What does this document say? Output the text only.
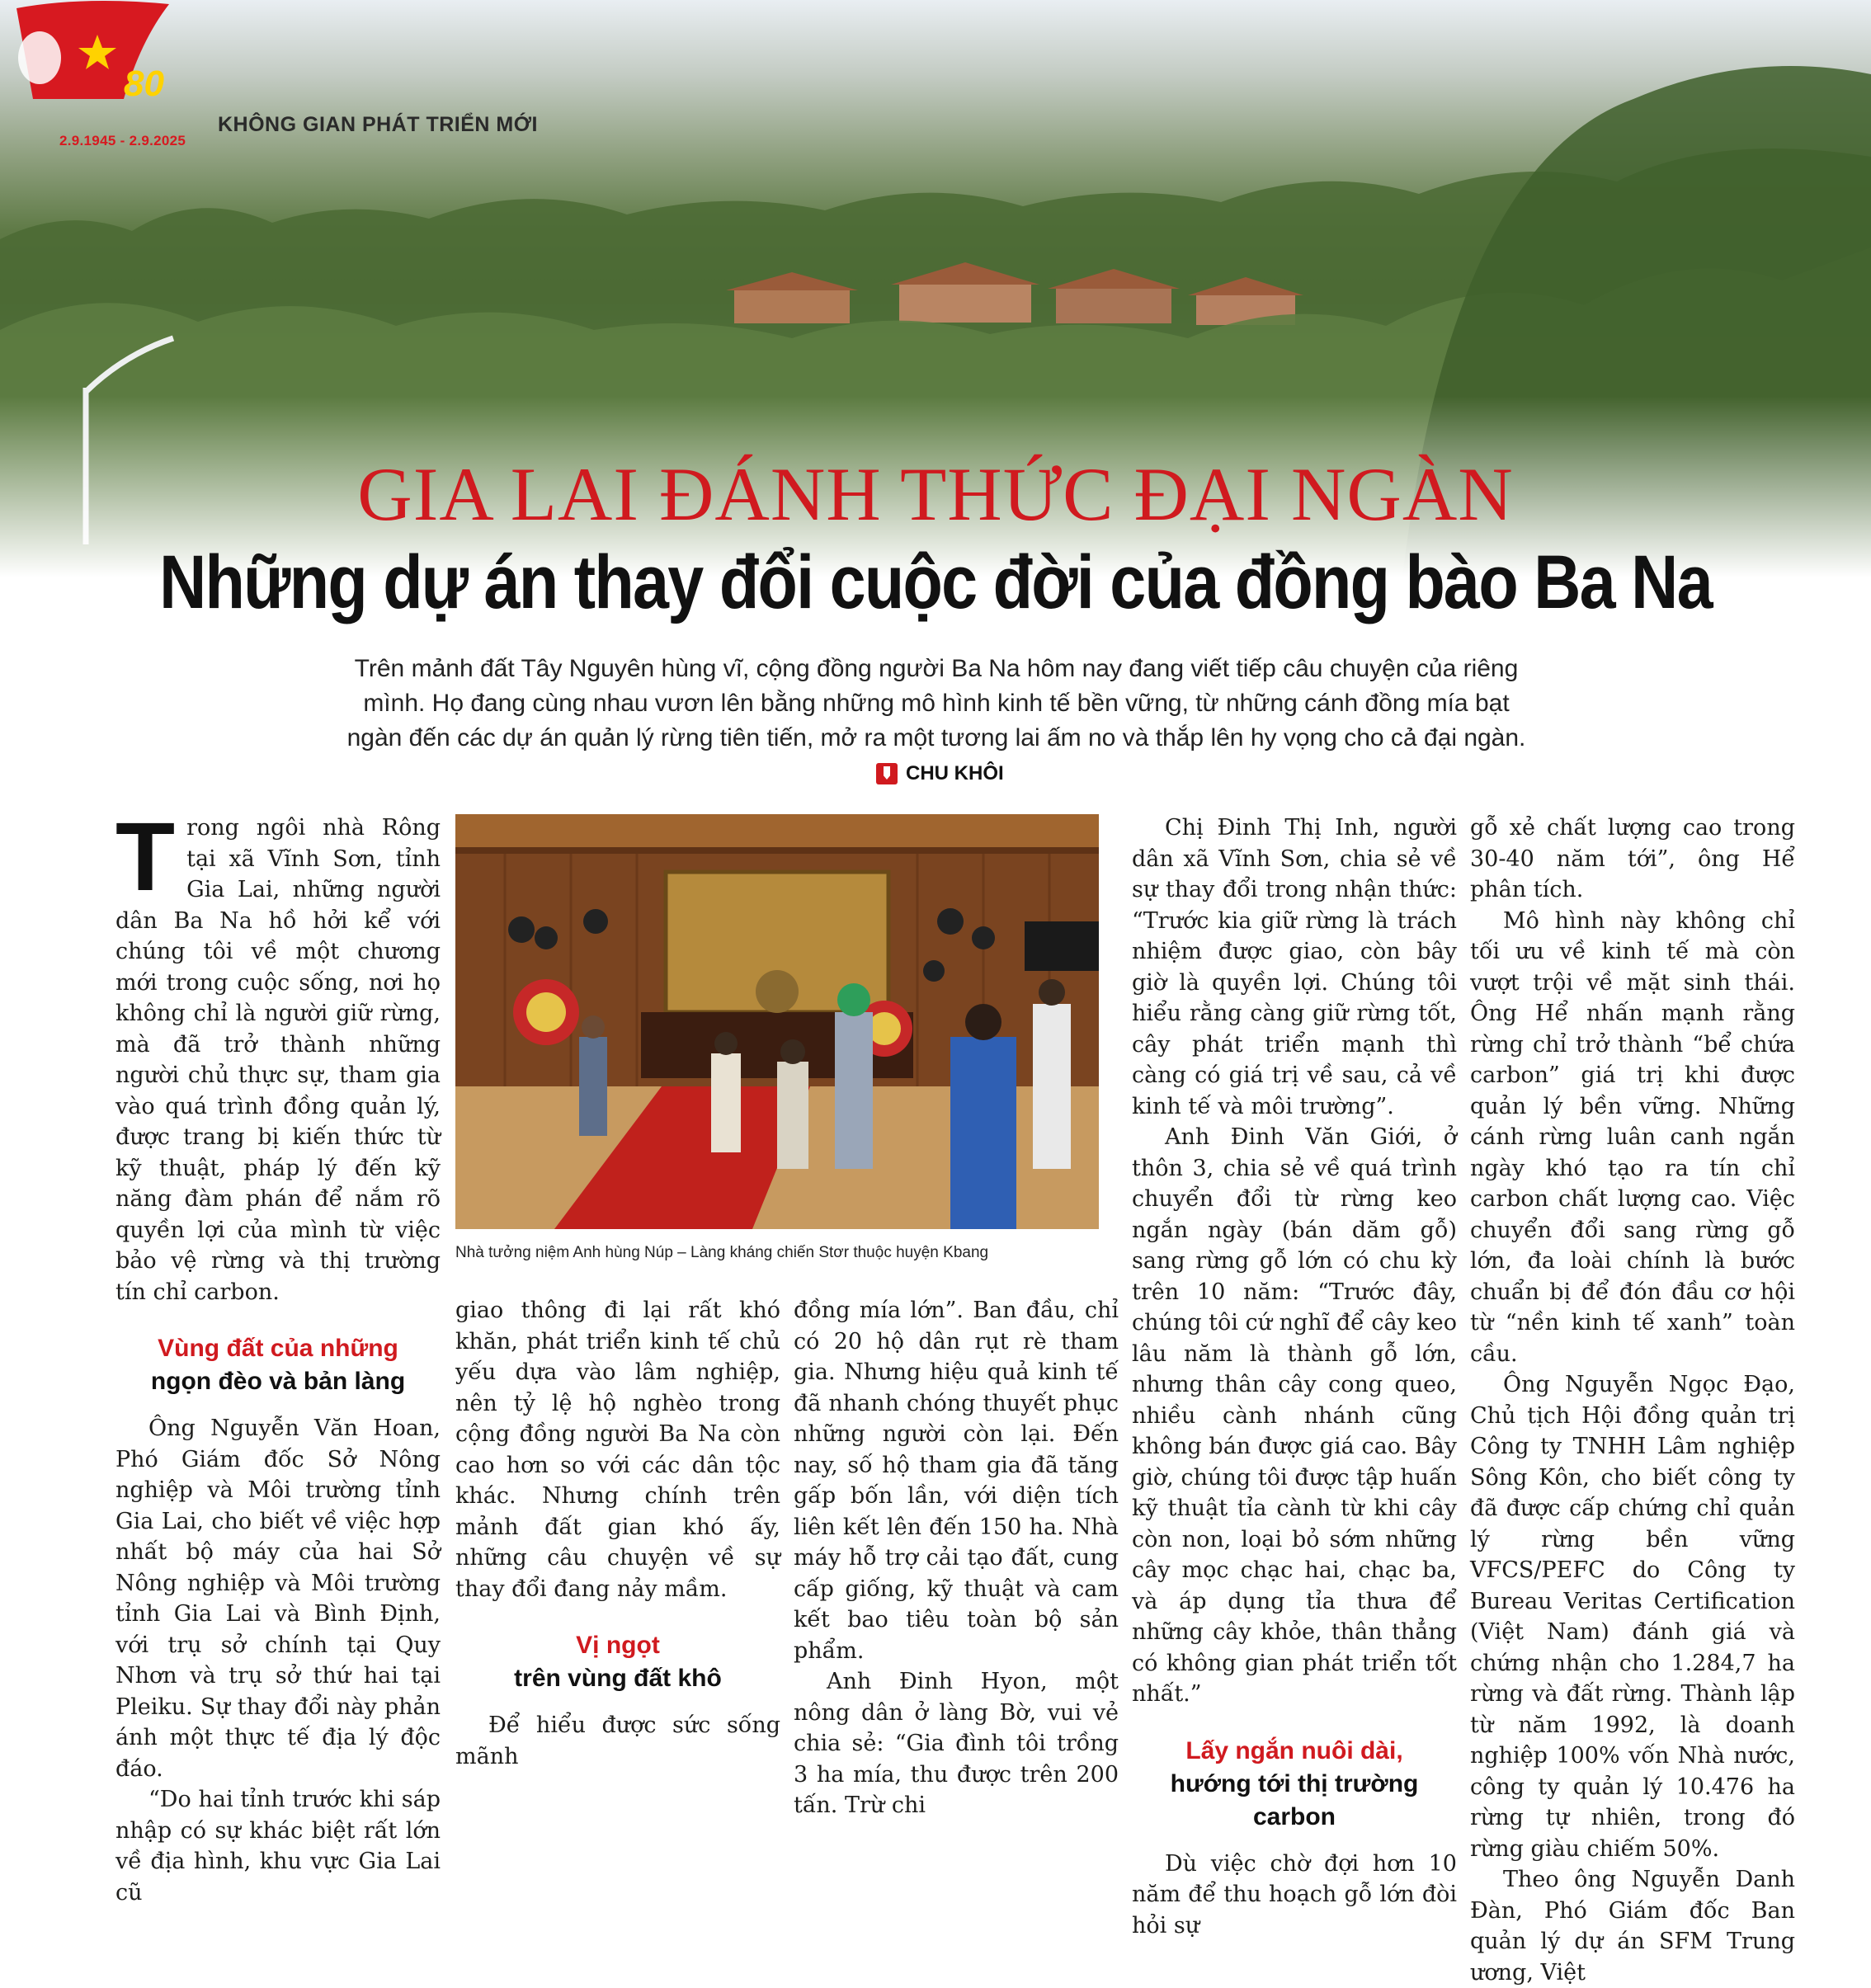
80
2.9.1945 - 2.9.2025
KHÔNG GIAN PHÁT TRIỂN MỚI
GIA LAI ĐÁNH THỨC ĐẠI NGÀN
Những dự án thay đổi cuộc đời của đồng bào Ba Na
Trên mảnh đất Tây Nguyên hùng vĩ, cộng đồng người Ba Na hôm nay đang viết tiếp câu chuyện của riêng mình. Họ đang cùng nhau vươn lên bằng những mô hình kinh tế bền vững, từ những cánh đồng mía bạt ngàn đến các dự án quản lý rừng tiên tiến, mở ra một tương lai ấm no và thắp lên hy vọng cho cả đại ngàn.
CHU KHÔI

Trong ngôi nhà Rông tại xã Vĩnh Sơn, tỉnh Gia Lai, những người dân Ba Na hồ hởi kể với chúng tôi về một chương mới trong cuộc sống, nơi họ không chỉ là người giữ rừng, mà đã trở thành những người chủ thực sự, tham gia vào quá trình đồng quản lý, được trang bị kiến thức từ kỹ thuật, pháp lý đến kỹ năng đàm phán để nắm rõ quyền lợi của mình từ việc bảo vệ rừng và thị trường tín chỉ carbon.

Vùng đất của những
ngọn đèo và bản làng

Ông Nguyễn Văn Hoan, Phó Giám đốc Sở Nông nghiệp và Môi trường tỉnh Gia Lai, cho biết về việc hợp nhất bộ máy của hai Sở Nông nghiệp và Môi trường tỉnh Gia Lai và Bình Định, với trụ sở chính tại Quy Nhơn và trụ sở thứ hai tại Pleiku. Sự thay đổi này phản ánh một thực tế địa lý độc đáo.

“Do hai tỉnh trước khi sáp nhập có sự khác biệt rất lớn về địa hình, khu vực Gia Lai cũ

Nhà tưởng niệm Anh hùng Núp – Làng kháng chiến Stơr thuộc huyện Kbang

giao thông đi lại rất khó khăn, phát triển kinh tế chủ yếu dựa vào lâm nghiệp, nên tỷ lệ hộ nghèo trong cộng đồng người Ba Na còn cao hơn so với các dân tộc khác. Nhưng chính trên mảnh đất gian khó ấy, những câu chuyện về sự thay đổi đang nảy mầm.

Vị ngọt
trên vùng đất khô

Để hiểu được sức sống mãnh

đồng mía lớn”. Ban đầu, chỉ có 20 hộ dân rụt rè tham gia. Nhưng hiệu quả kinh tế đã nhanh chóng thuyết phục những người còn lại. Đến nay, số hộ tham gia đã tăng gấp bốn lần, với diện tích liên kết lên đến 150 ha. Nhà máy hỗ trợ cải tạo đất, cung cấp giống, kỹ thuật và cam kết bao tiêu toàn bộ sản phẩm.

Anh Đinh Hyon, một nông dân ở làng Bờ, vui vẻ chia sẻ: “Gia đình tôi trồng 3 ha mía, thu được trên 200 tấn. Trừ chi

Chị Đinh Thị Inh, người dân xã Vĩnh Sơn, chia sẻ về sự thay đổi trong nhận thức: “Trước kia giữ rừng là trách nhiệm được giao, còn bây giờ là quyền lợi. Chúng tôi hiểu rằng càng giữ rừng tốt, cây phát triển mạnh thì càng có giá trị về sau, cả về kinh tế và môi trường”.

Anh Đinh Văn Giới, ở thôn 3, chia sẻ về quá trình chuyển đổi từ rừng keo ngắn ngày (bán dăm gỗ) sang rừng gỗ lớn có chu kỳ trên 10 năm: “Trước đây, chúng tôi cứ nghĩ để cây keo lâu năm là thành gỗ lớn, nhưng thân cây cong queo, nhiều cành nhánh cũng không bán được giá cao. Bây giờ, chúng tôi được tập huấn kỹ thuật tỉa cành từ khi cây còn non, loại bỏ sớm những cây mọc chạc hai, chạc ba, và áp dụng tỉa thưa để những cây khỏe, thân thẳng có không gian phát triển tốt nhất.”

Lấy ngắn nuôi dài,
hướng tới thị trường carbon

Dù việc chờ đợi hơn 10 năm để thu hoạch gỗ lớn đòi hỏi sự

gỗ xẻ chất lượng cao trong 30-40 năm tới”, ông Hể phân tích.

Mô hình này không chỉ tối ưu về kinh tế mà còn vượt trội về mặt sinh thái. Ông Hể nhấn mạnh rằng rừng chỉ trở thành “bể chứa carbon” giá trị khi được quản lý bền vững. Những cánh rừng luân canh ngắn ngày khó tạo ra tín chỉ carbon chất lượng cao. Việc chuyển đổi sang rừng gỗ lớn, đa loài chính là bước chuẩn bị để đón đầu cơ hội từ “nền kinh tế xanh” toàn cầu.

Ông Nguyễn Ngọc Đạo, Chủ tịch Hội đồng quản trị Công ty TNHH Lâm nghiệp Sông Kôn, cho biết công ty đã được cấp chứng chỉ quản lý rừng bền vững VFCS/PEFC do Công ty Bureau Veritas Certification (Việt Nam) đánh giá và chứng nhận cho 1.284,7 ha rừng và đất rừng. Thành lập từ năm 1992, là doanh nghiệp 100% vốn Nhà nước, công ty quản lý 10.476 ha rừng tự nhiên, trong đó rừng giàu chiếm 50%.

Theo ông Nguyễn Danh Đàn, Phó Giám đốc Ban quản lý dự án SFM Trung ương, Việt
